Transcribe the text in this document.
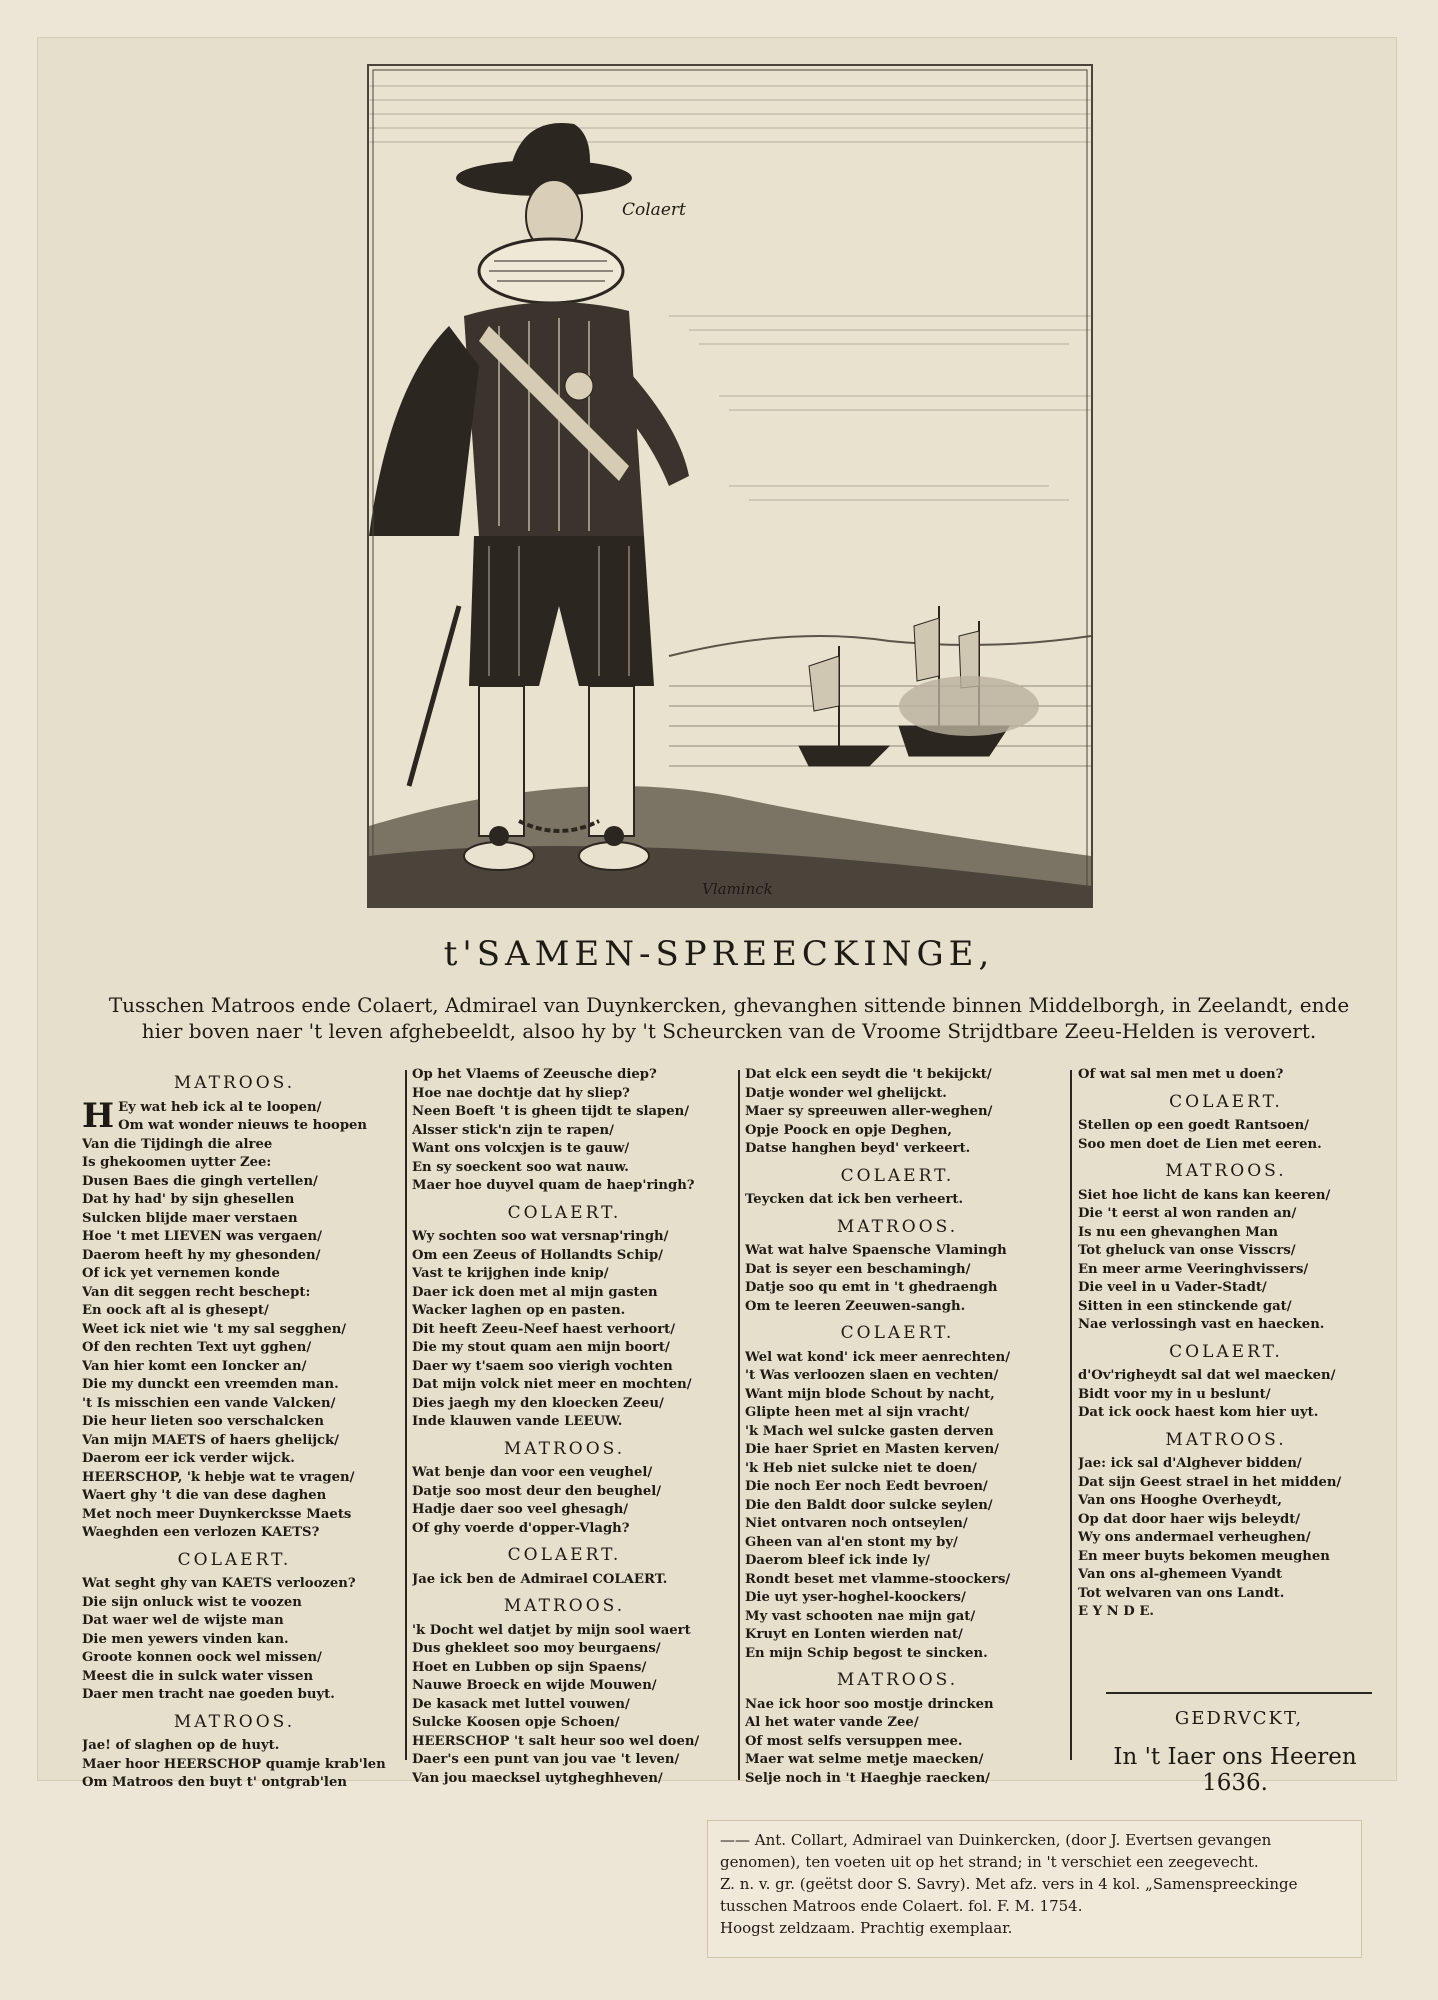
Colaert
Vlaminck
t'SAMEN-SPREECKINGE,
Tusschen Matroos ende Colaert, Admirael van Duynkercken, ghevanghen sittende binnen Middelborgh, in Zeelandt, ende
hier boven naer 't leven afghebeeldt, alsoo hy by 't Scheurcken van de Vroome Strijdtbare Zeeu-Helden is verovert.
MATROOS.
H Ey wat heb ick al te loopen/
Om wat wonder nieuws te hoopen
Van die Tijdingh die alree
Is ghekoomen uytter Zee:
Dusen Baes die gingh vertellen/
Dat hy had' by sijn ghesellen
Sulcken blijde maer verstaen
Hoe 't met LIEVEN was vergaen/
Daerom heeft hy my ghesonden/
Of ick yet vernemen konde
Van dit seggen recht beschept:
En oock aft al is ghesept/
Weet ick niet wie 't my sal segghen/
Of den rechten Text uyt gghen/
Van hier komt een Ioncker an/
Die my dunckt een vreemden man.
't Is misschien een vande Valcken/
Die heur lieten soo verschalcken
Van mijn MAETS of haers ghelijck/
Daerom eer ick verder wijck.
HEERSCHOP, 'k hebje wat te vragen/
Waert ghy 't die van dese daghen
Met noch meer Duynkercksse Maets
Waeghden een verlozen KAETS?
COLAERT.
Wat seght ghy van KAETS verloozen?
Die sijn onluck wist te voozen
Dat waer wel de wijste man
Die men yewers vinden kan.
Groote konnen oock wel missen/
Meest die in sulck water vissen
Daer men tracht nae goeden buyt.
MATROOS.
Jae! of slaghen op de huyt.
Maer hoor HEERSCHOP quamje krab'len
Om Matroos den buyt t' ontgrab'len
Op het Vlaems of Zeeusche diep?
Hoe nae dochtje dat hy sliep?
Neen Boeft 't is gheen tijdt te slapen/
Alsser stick'n zijn te rapen/
Want ons volcxjen is te gauw/
En sy soeckent soo wat nauw.
Maer hoe duyvel quam de haep'ringh?
COLAERT.
Wy sochten soo wat versnap'ringh/
Om een Zeeus of Hollandts Schip/
Vast te krijghen inde knip/
Daer ick doen met al mijn gasten
Wacker laghen op en pasten.
Dit heeft Zeeu-Neef haest verhoort/
Die my stout quam aen mijn boort/
Daer wy t'saem soo vierigh vochten
Dat mijn volck niet meer en mochten/
Dies jaegh my den kloecken Zeeu/
Inde klauwen vande LEEUW.
MATROOS.
Wat benje dan voor een veughel/
Datje soo most deur den beughel/
Hadje daer soo veel ghesagh/
Of ghy voerde d'opper-Vlagh?
COLAERT.
Jae ick ben de Admirael COLAERT.
MATROOS.
'k Docht wel datjet by mijn sool waert
Dus ghekleet soo moy beurgaens/
Hoet en Lubben op sijn Spaens/
Nauwe Broeck en wijde Mouwen/
De kasack met luttel vouwen/
Sulcke Koosen opje Schoen/
HEERSCHOP 't salt heur soo wel doen/
Daer's een punt van jou vae 't leven/
Van jou maecksel uytgheghheven/
Dat elck een seydt die 't bekijckt/
Datje wonder wel ghelijckt.
Maer sy spreeuwen aller-weghen/
Opje Poock en opje Deghen,
Datse hanghen beyd' verkeert.
COLAERT.
Teycken dat ick ben verheert.
MATROOS.
Wat wat halve Spaensche Vlamingh
Dat is seyer een beschamingh/
Datje soo qu emt in 't ghedraengh
Om te leeren Zeeuwen-sangh.
COLAERT.
Wel wat kond' ick meer aenrechten/
't Was verloozen slaen en vechten/
Want mijn blode Schout by nacht,
Glipte heen met al sijn vracht/
'k Mach wel sulcke gasten derven
Die haer Spriet en Masten kerven/
'k Heb niet sulcke niet te doen/
Die noch Eer noch Eedt bevroen/
Die den Baldt door sulcke seylen/
Niet ontvaren noch ontseylen/
Gheen van al'en stont my by/
Daerom bleef ick inde ly/
Rondt beset met vlamme-stoockers/
Die uyt yser-hoghel-koockers/
My vast schooten nae mijn gat/
Kruyt en Lonten wierden nat/
En mijn Schip begost te sincken.
MATROOS.
Nae ick hoor soo mostje drincken
Al het water vande Zee/
Of most selfs versuppen mee.
Maer wat selme metje maecken/
Selje noch in 't Haeghje raecken/
Of wat sal men met u doen?
COLAERT.
Stellen op een goedt Rantsoen/
Soo men doet de Lien met eeren.
MATROOS.
Siet hoe licht de kans kan keeren/
Die 't eerst al won randen an/
Is nu een ghevanghen Man
Tot gheluck van onse Visscrs/
En meer arme Veeringhvissers/
Die veel in u Vader-Stadt/
Sitten in een stinckende gat/
Nae verlossingh vast en haecken.
COLAERT.
d'Ov'righeydt sal dat wel maecken/
Bidt voor my in u beslunt/
Dat ick oock haest kom hier uyt.
MATROOS.
Jae: ick sal d'Alghever bidden/
Dat sijn Geest strael in het midden/
Van ons Hooghe Overheydt,
Op dat door haer wijs beleydt/
Wy ons andermael verheughen/
En meer buyts bekomen meughen
Van ons al-ghemeen Vyandt
Tot welvaren van ons Landt.
E Y N D E.
GEDRVCKT,
In 't Iaer ons Heeren 1636.
—— Ant. Collart, Admirael van Duinkercken, (door J. Evertsen gevangen
genomen), ten voeten uit op het strand; in 't verschiet een zeegevecht.
Z. n. v. gr. (geëtst door S. Savry). Met afz. vers in 4 kol. „Samenspreeckinge
tusschen Matroos ende Colaert. fol. F. M. 1754.
Hoogst zeldzaam. Prachtig exemplaar.
